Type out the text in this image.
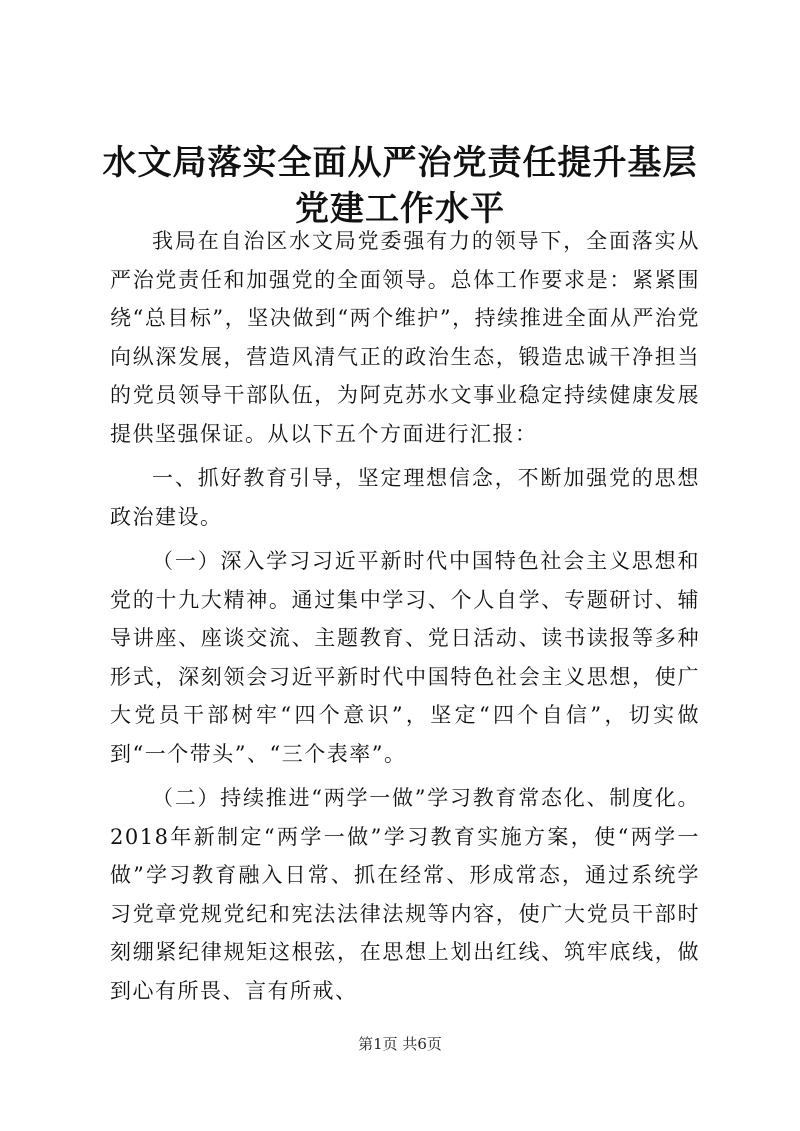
水文局落实全面从严治党责任提升基层党建工作水平

我局在自治区水文局党委强有力的领导下，全面落实从严治党责任和加强党的全面领导。总体工作要求是：紧紧围绕“总目标”，坚决做到“两个维护”，持续推进全面从严治党向纵深发展，营造风清气正的政治生态，锻造忠诚干净担当的党员领导干部队伍，为阿克苏水文事业稳定持续健康发展提供坚强保证。从以下五个方面进行汇报：

一、抓好教育引导，坚定理想信念，不断加强党的思想政治建设。

（一）深入学习习近平新时代中国特色社会主义思想和党的十九大精神。通过集中学习、个人自学、专题研讨、辅导讲座、座谈交流、主题教育、党日活动、读书读报等多种形式，深刻领会习近平新时代中国特色社会主义思想，使广大党员干部树牢“四个意识”，坚定“四个自信”，切实做到“一个带头”、“三个表率”。

（二）持续推进“两学一做”学习教育常态化、制度化。2018年新制定“两学一做”学习教育实施方案，使“两学一做”学习教育融入日常、抓在经常、形成常态，通过系统学习党章党规党纪和宪法法律法规等内容，使广大党员干部时刻绷紧纪律规矩这根弦，在思想上划出红线、筑牢底线，做到心有所畏、言有所戒、

第1页 共6页
